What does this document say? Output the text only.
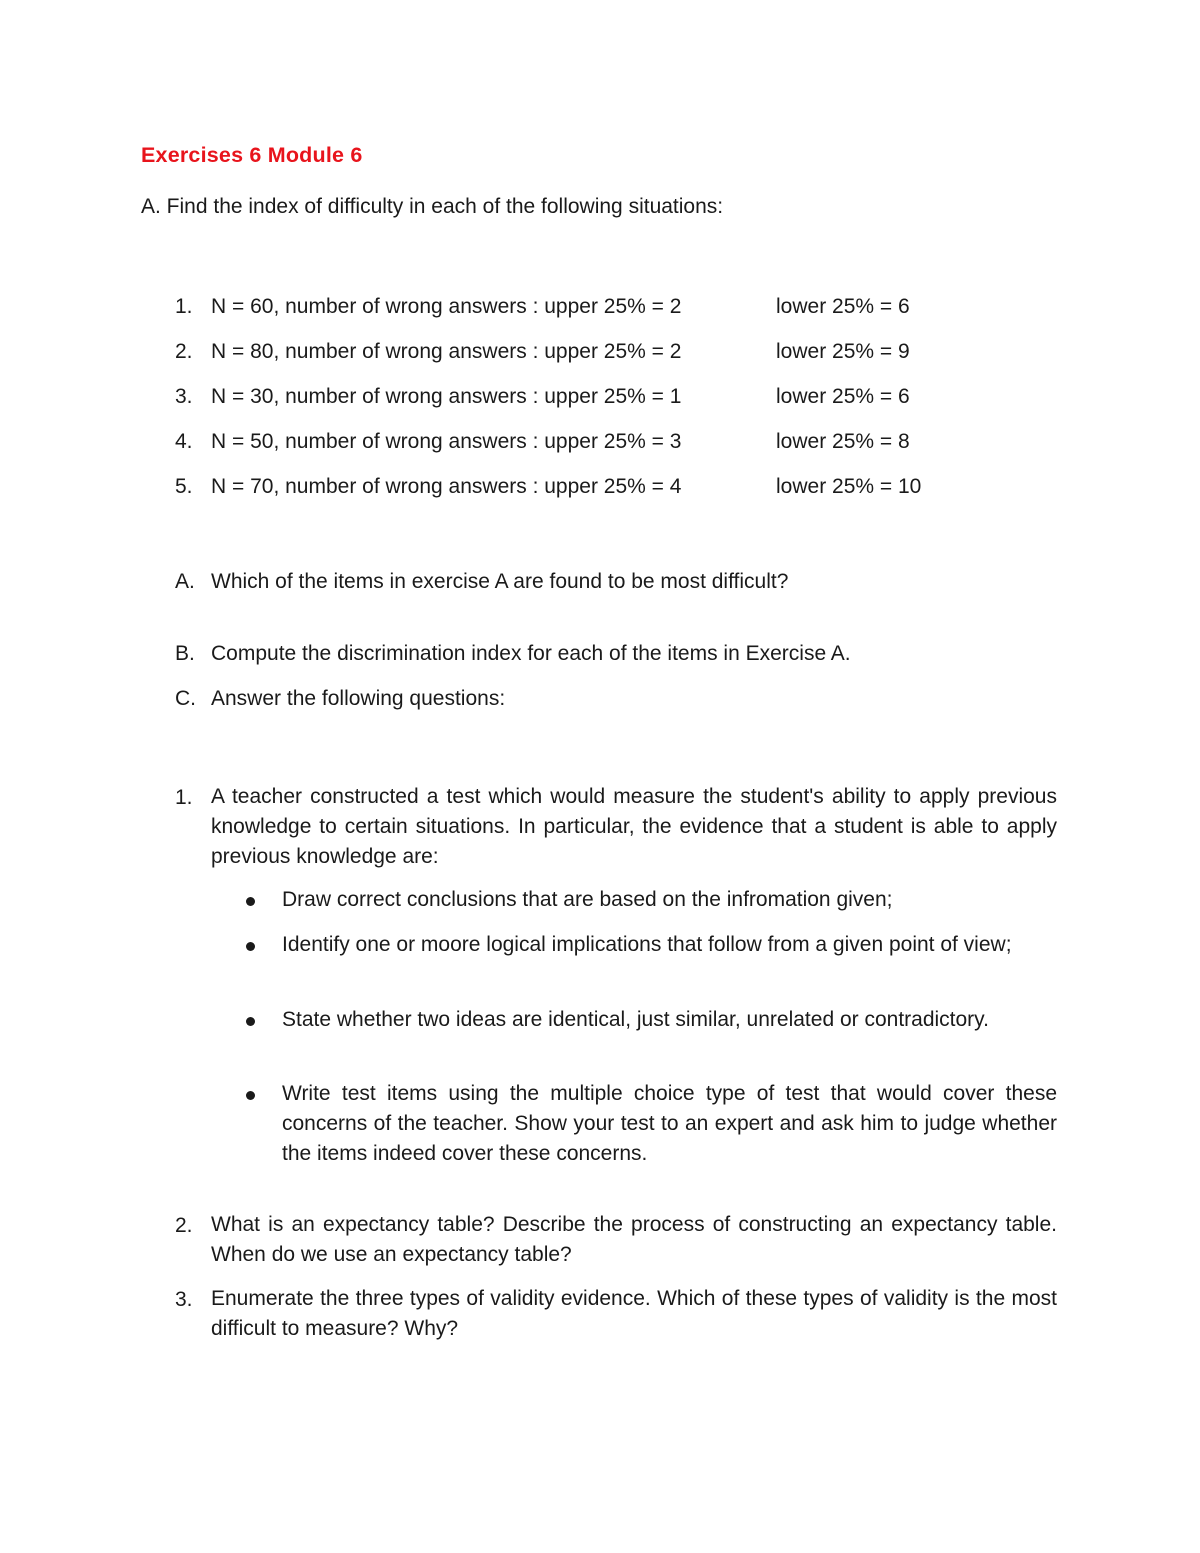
Exercises 6 Module 6
A. Find the index of difficulty in each of the following situations:
1. N = 60, number of wrong answers : upper 25% = 2	lower 25% = 6
2. N = 80, number of wrong answers : upper 25% = 2	lower 25% = 9
3. N = 30, number of wrong answers : upper 25% = 1	lower 25% = 6
4. N = 50, number of wrong answers : upper 25% = 3	lower 25% = 8
5. N = 70, number of wrong answers : upper 25% = 4	lower 25% = 10
A. Which of the items in exercise A are found to be most difficult?
B. Compute the discrimination index for each of the items in Exercise A.
C. Answer the following questions:
1. A teacher constructed a test which would measure the student's ability to apply previous knowledge to certain situations. In particular, the evidence that a student is able to apply previous knowledge are:
Draw correct conclusions that are based on the infromation given;
Identify one or moore logical implications that follow from a given point of view;
State whether two ideas are identical, just similar, unrelated or contradictory.
Write test items using the multiple choice type of test that would cover these concerns of the teacher. Show your test to an expert and ask him to judge whether the items indeed cover these concerns.
2. What is an expectancy table? Describe the process of constructing an expectancy table. When do we use an expectancy table?
3. Enumerate the three types of validity evidence. Which of these types of validity is the most difficult to measure? Why?
